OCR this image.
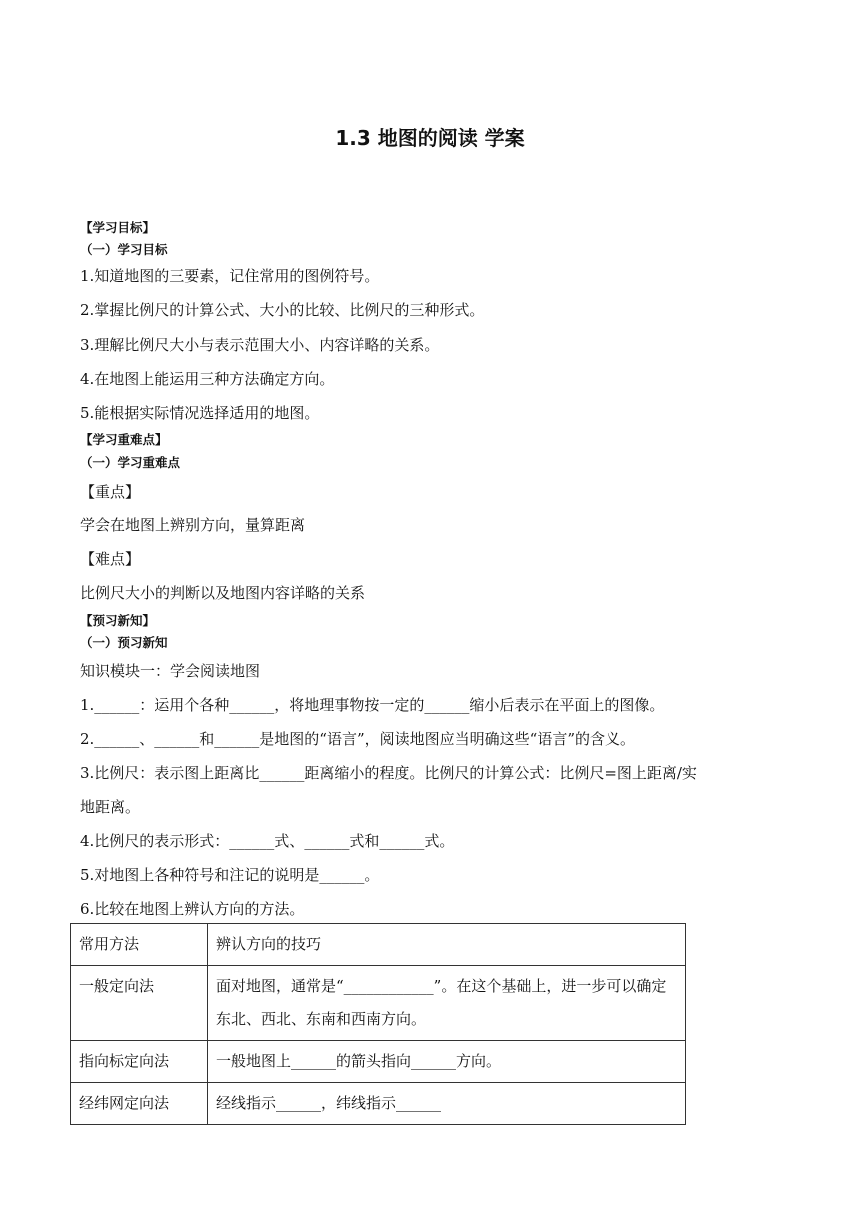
1.3 地图的阅读 学案
【学习目标】
（一）学习目标
1.知道地图的三要素，记住常用的图例符号。
2.掌握比例尺的计算公式、大小的比较、比例尺的三种形式。
3.理解比例尺大小与表示范围大小、内容详略的关系。
4.在地图上能运用三种方法确定方向。
5.能根据实际情况选择适用的地图。
【学习重难点】
（一）学习重难点
【重点】
学会在地图上辨别方向，量算距离
【难点】
比例尺大小的判断以及地图内容详略的关系
【预习新知】
（一）预习新知
知识模块一：学会阅读地图
1.______：运用个各种______，将地理事物按一定的______缩小后表示在平面上的图像。
2.______、______和______是地图的“语言”，阅读地图应当明确这些“语言”的含义。
3.比例尺：表示图上距离比______距离缩小的程度。比例尺的计算公式：比例尺=图上距离/实
地距离。
4.比例尺的表示形式：______式、______式和______式。
5.对地图上各种符号和注记的说明是______。
6.比较在地图上辨认方向的方法。
常用方法	辨认方向的技巧
一般定向法	面对地图，通常是“____________”。在这个基础上，进一步可以确定东北、西北、东南和西南方向。
指向标定向法	一般地图上______的箭头指向______方向。
经纬网定向法	经线指示______，纬线指示______
